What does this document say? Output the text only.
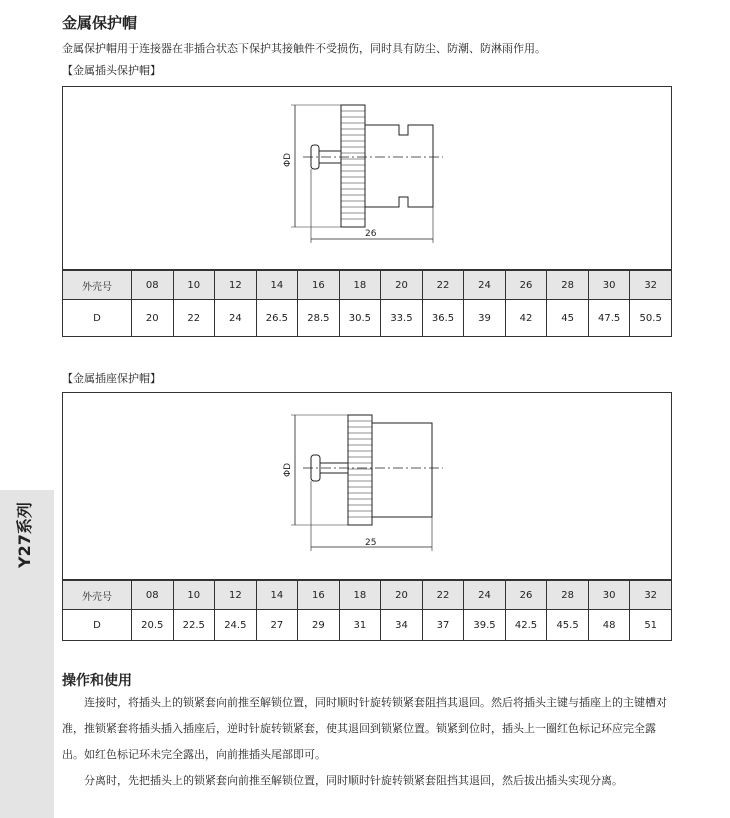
Y27系列
金属保护帽
金属保护帽用于连接器在非插合状态下保护其接触件不受损伤，同时具有防尘、防潮、防淋雨作用。
【金属插头保护帽】
ΦD
26
外壳号	08	10	12	14	16	18	20	22	24	26	28	30	32
D	20	22	24	26.5	28.5	30.5	33.5	36.5	39	42	45	47.5	50.5
【金属插座保护帽】
ΦD
25
外壳号	08	10	12	14	16	18	20	22	24	26	28	30	32
D	20.5	22.5	24.5	27	29	31	34	37	39.5	42.5	45.5	48	51
操作和使用
连接时，将插头上的锁紧套向前推至解锁位置，同时顺时针旋转锁紧套阻挡其退回。然后将插头主键与插座上的主键槽对准，推锁紧套将插头插入插座后，逆时针旋转锁紧套，使其退回到锁紧位置。锁紧到位时，插头上一圈红色标记环应完全露出。如红色标记环未完全露出，向前推插头尾部即可。
分离时，先把插头上的锁紧套向前推至解锁位置，同时顺时针旋转锁紧套阻挡其退回，然后拔出插头实现分离。
